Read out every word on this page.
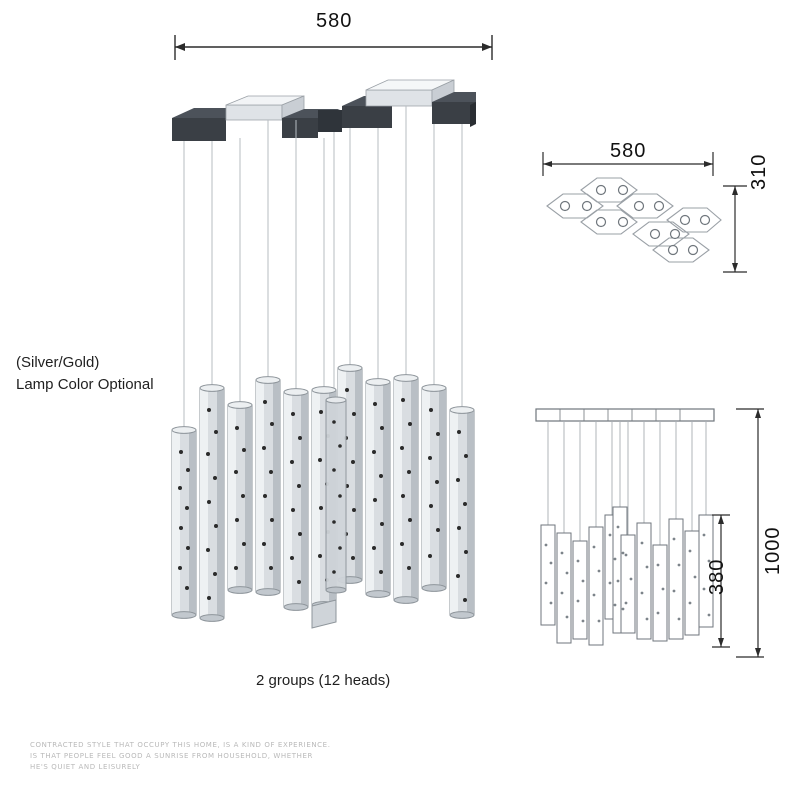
580
(Silver/Gold)
Lamp Color Optional
2 groups (12 heads)
580
310
380
1000
CONTRACTED STYLE THAT OCCUPY THIS HOME, IS A KIND OF EXPERIENCE.
IS THAT PEOPLE FEEL GOOD A SUNRISE FROM HOUSEHOLD, WHETHER
HE'S QUIET AND LEISURELY
